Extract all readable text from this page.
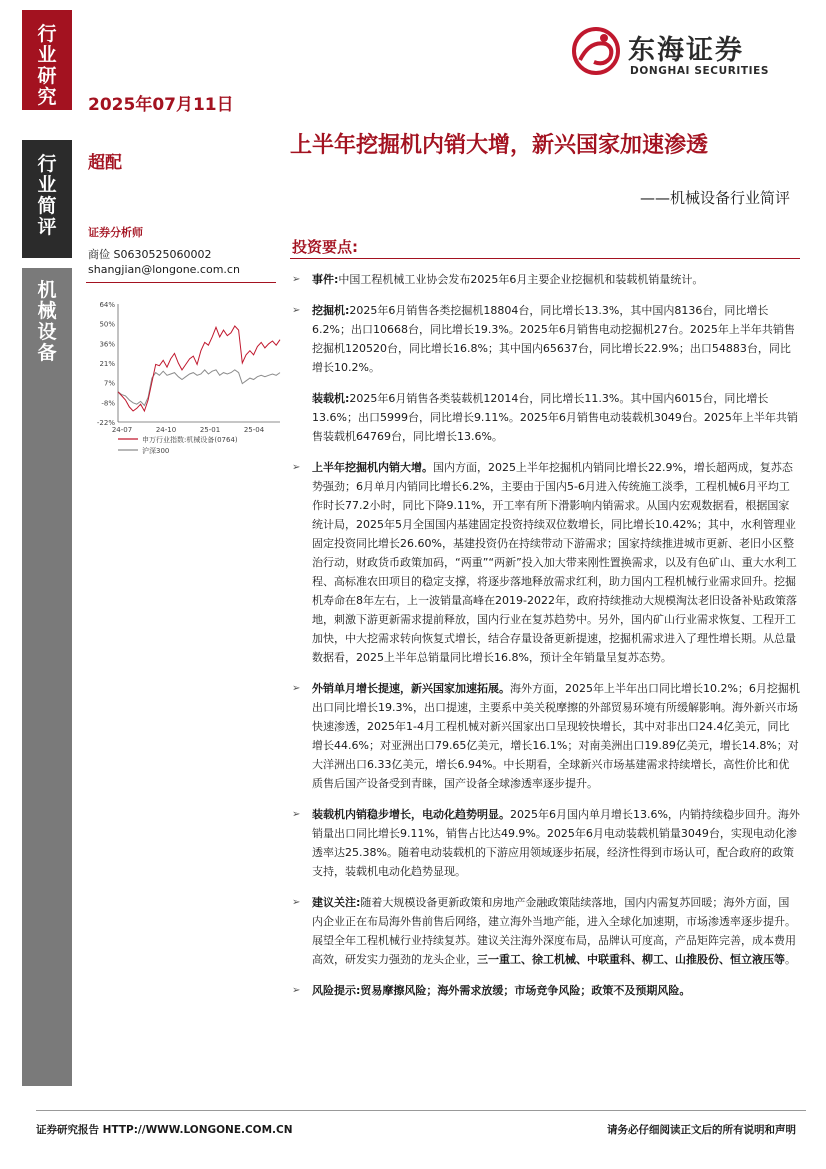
行业研究
行业简评
机械设备
2025年07月11日
东海证券
DONGHAI SECURITIES
超配
上半年挖掘机内销大增，新兴国家加速渗透
——机械设备行业简评
证券分析师
商俭 S0630525060002
shangjian@longone.com.cn
投资要点:
64%
50%
36%
21%
7%
-8%
-22%
24-07	24-10	25-01	25-04
申万行业指数:机械设备(0764)
沪深300
➢ 事件:中国工程机械工业协会发布2025年6月主要企业挖掘机和装载机销量统计。
➢ 挖掘机:2025年6月销售各类挖掘机18804台，同比增长13.3%，其中国内8136台，同比增长6.2%；出口10668台，同比增长19.3%。2025年6月销售电动挖掘机27台。2025年上半年共销售挖掘机120520台，同比增长16.8%；其中国内65637台，同比增长22.9%；出口54883台，同比增长10.2%。
装载机:2025年6月销售各类装载机12014台，同比增长11.3%。其中国内6015台，同比增长13.6%；出口5999台，同比增长9.11%。2025年6月销售电动装载机3049台。2025年上半年共销售装载机64769台，同比增长13.6%。
➢ 上半年挖掘机内销大增。国内方面，2025上半年挖掘机内销同比增长22.9%，增长超两成，复苏态势强劲；6月单月内销同比增长6.2%，主要由于国内5-6月进入传统施工淡季，工程机械6月平均工作时长77.2小时，同比下降9.11%，开工率有所下滑影响内销需求。从国内宏观数据看，根据国家统计局，2025年5月全国国内基建固定投资持续双位数增长，同比增长10.42%；其中，水利管理业固定投资同比增长26.60%，基建投资仍在持续带动下游需求；国家持续推进城市更新、老旧小区整治行动，财政货币政策加码，“两重”“两新”投入加大带来刚性置换需求，以及有色矿山、重大水利工程、高标准农田项目的稳定支撑，将逐步落地释放需求红利，助力国内工程机械行业需求回升。挖掘机寿命在8年左右，上一波销量高峰在2019-2022年，政府持续推动大规模淘汰老旧设备补贴政策落地，刺激下游更新需求提前释放，国内行业在复苏趋势中。另外，国内矿山行业需求恢复、工程开工加快，中大挖需求转向恢复式增长，结合存量设备更新提速，挖掘机需求进入了理性增长期。从总量数据看，2025上半年总销量同比增长16.8%，预计全年销量呈复苏态势。
➢ 外销单月增长提速，新兴国家加速拓展。海外方面，2025年上半年出口同比增长10.2%；6月挖掘机出口同比增长19.3%，出口提速，主要系中美关税摩擦的外部贸易环境有所缓解影响。海外新兴市场快速渗透，2025年1-4月工程机械对新兴国家出口呈现较快增长，其中对非出口24.4亿美元，同比增长44.6%；对亚洲出口79.65亿美元，增长16.1%；对南美洲出口19.89亿美元，增长14.8%；对大洋洲出口6.33亿美元，增长6.94%。中长期看，全球新兴市场基建需求持续增长，高性价比和优质售后国产设备受到青睐，国产设备全球渗透率逐步提升。
➢ 装载机内销稳步增长，电动化趋势明显。2025年6月国内单月增长13.6%，内销持续稳步回升。海外销量出口同比增长9.11%，销售占比达49.9%。2025年6月电动装载机销量3049台，实现电动化渗透率达25.38%。随着电动装载机的下游应用领域逐步拓展，经济性得到市场认可，配合政府的政策支持，装载机电动化趋势显现。
➢ 建议关注:随着大规模设备更新政策和房地产金融政策陆续落地，国内内需复苏回暖；海外方面，国内企业正在布局海外售前售后网络，建立海外当地产能，进入全球化加速期，市场渗透率逐步提升。展望全年工程机械行业持续复苏。建议关注海外深度布局，品牌认可度高，产品矩阵完善，成本费用高效，研发实力强劲的龙头企业，三一重工、徐工机械、中联重科、柳工、山推股份、恒立液压等。
➢ 风险提示:贸易摩擦风险；海外需求放缓；市场竞争风险；政策不及预期风险。
证券研究报告 HTTP://WWW.LONGONE.COM.CN	请务必仔细阅读正文后的所有说明和声明
